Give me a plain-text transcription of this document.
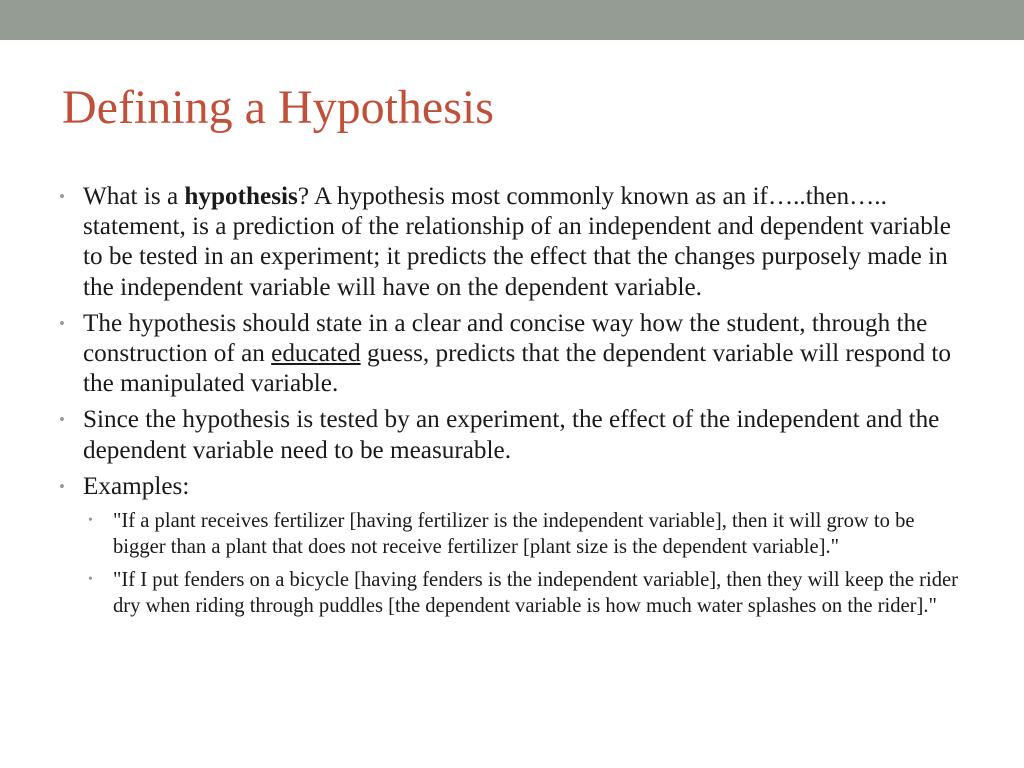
Defining a Hypothesis
• What is a hypothesis? A hypothesis most commonly known as an if…..then….. statement, is a prediction of the relationship of an independent and dependent variable to be tested in an experiment; it predicts the effect that the changes purposely made in the independent variable will have on the dependent variable.
• The hypothesis should state in a clear and concise way how the student, through the construction of an educated guess, predicts that the dependent variable will respond to the manipulated variable.
• Since the hypothesis is tested by an experiment, the effect of the independent and the dependent variable need to be measurable.
• Examples:
• "If a plant receives fertilizer [having fertilizer is the independent variable], then it will grow to be bigger than a plant that does not receive fertilizer [plant size is the dependent variable]."
• "If I put fenders on a bicycle [having fenders is the independent variable], then they will keep the rider dry when riding through puddles [the dependent variable is how much water splashes on the rider]."
